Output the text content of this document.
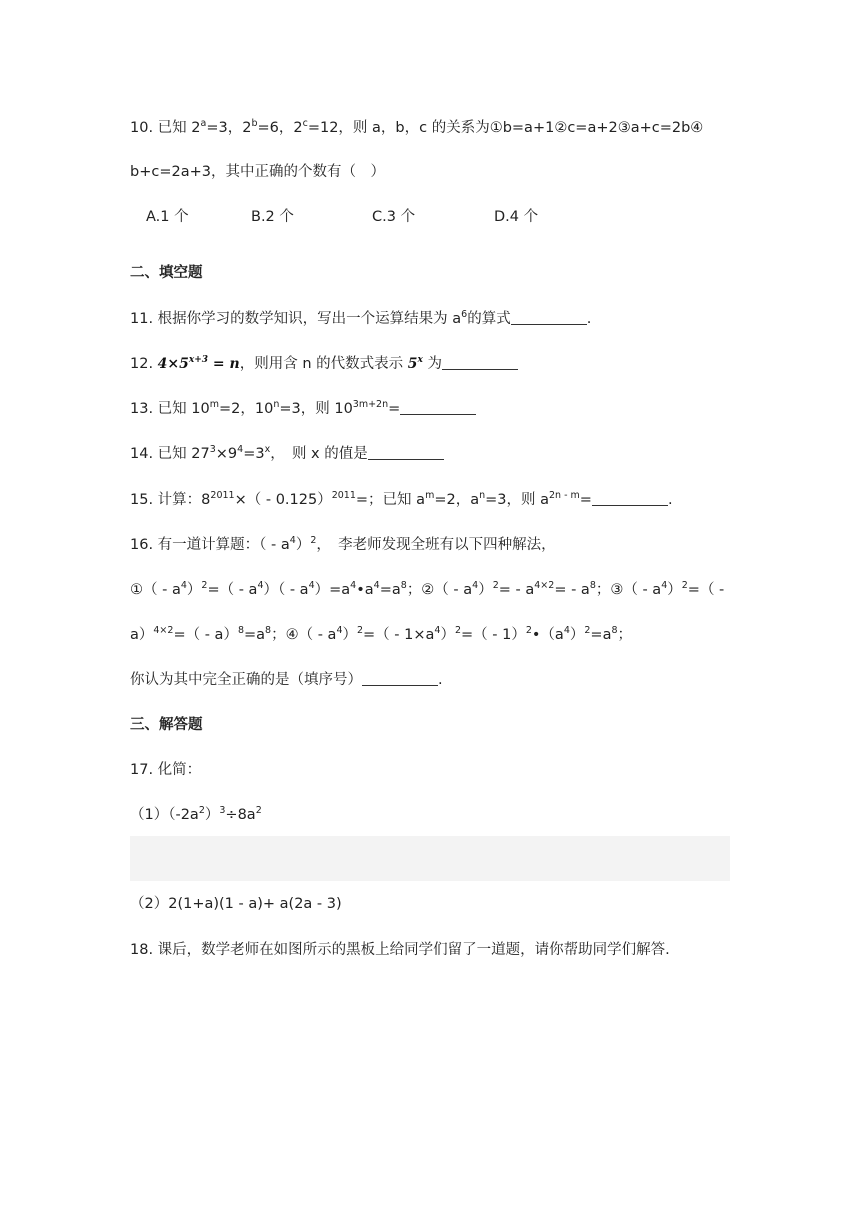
10. 已知 $2^a=3$，$2^b=6$，$2^c=12$，则 a，b，c 的关系为①b=a+1②c=a+2③a+c=2b④
b+c=2a+3，其中正确的个数有（　）
A.1 个	B.2 个	C.3 个	D.4 个
二、填空题
11. 根据你学习的数学知识，写出一个运算结果为 $a^6$的算式	.
12. $4\times 5^{x+3} = n$，则用含 n 的代数式表示 5$^x$ 为
13. 已知 $10^m=2$，$10^n=3$，则 $10^{3m+2n}=$
14. 已知 $27^3\times 9^4=3^x$，　则 x 的值是
15. 计算：$8^{2011}\times( - 0.125)^{2011}=$；已知 $a^m=2$，$a^n=3$，则 $a^{2n - m}=$	.
16. 有一道计算题：（ - $a^4)^2$，　李老师发现全班有以下四种解法，
①（ - $a^4)^2=( - a^4)$（ - $a^4)=a^4•a^4=a^8$；②（ - $a^4)^2= - a^{4\times 2}= - a^8$；③（ - $a^4)^2=$（ -
$a)^{4\times 2}=( - a)^8=a^8$；④（ - $a^4)^2=( - 1\times a^4)^2=$（ - $1)^2•(a^4)^2=a^8$；
你认为其中完全正确的是（填序号）	.
三、解答题
17. 化简：
$(1)(-2a^2)^3\div 8a^2$
（2）2(1+a)(1 - a)+ a(2a - 3)
18. 课后，数学老师在如图所示的黑板上给同学们留了一道题，请你帮助同学们解答.
